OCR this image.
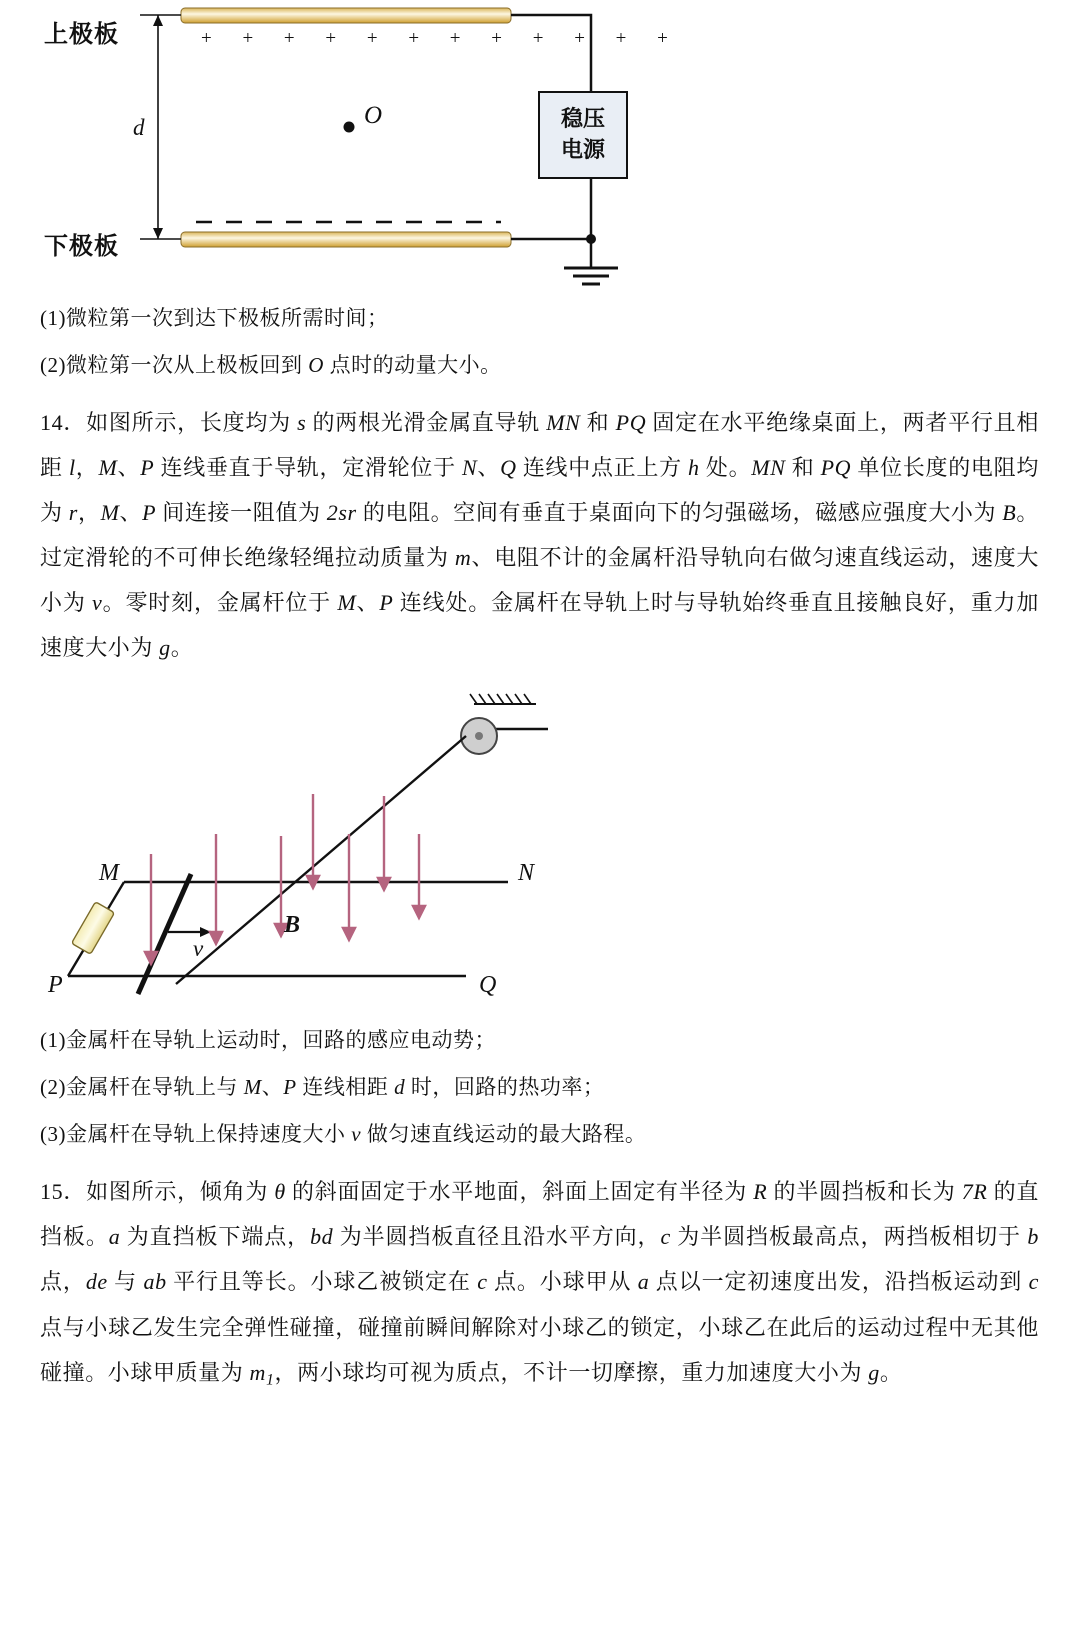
上极板
下极板
d
+ + + + + + + + + + + +
O	稳压
电源
(1)微粒第一次到达下极板所需时间；
(2)微粒第一次从上极板回到 O 点时的动量大小。
14．如图所示，长度均为 s 的两根光滑金属直导轨 MN 和 PQ 固定在水平绝缘桌面上，两者平行且相距 l，M、P 连线垂直于导轨，定滑轮位于 N、Q 连线中点正上方 h 处。MN 和 PQ 单位长度的电阻均为 r，M、P 间连接一阻值为 2sr 的电阻。空间有垂直于桌面向下的匀强磁场，磁感应强度大小为 B。过定滑轮的不可伸长绝缘轻绳拉动质量为 m、电阻不计的金属杆沿导轨向右做匀速直线运动，速度大小为 v。零时刻，金属杆位于 M、P 连线处。金属杆在导轨上时与导轨始终垂直且接触良好，重力加速度大小为 g。
M	N
P	Q
B
v
(1)金属杆在导轨上运动时，回路的感应电动势；
(2)金属杆在导轨上与 M、P 连线相距 d 时，回路的热功率；
(3)金属杆在导轨上保持速度大小 v 做匀速直线运动的最大路程。
15．如图所示，倾角为 θ 的斜面固定于水平地面，斜面上固定有半径为 R 的半圆挡板和长为 7R 的直挡板。a 为直挡板下端点，bd 为半圆挡板直径且沿水平方向，c 为半圆挡板最高点，两挡板相切于 b 点，de 与 ab 平行且等长。小球乙被锁定在 c 点。小球甲从 a 点以一定初速度出发，沿挡板运动到 c 点与小球乙发生完全弹性碰撞，碰撞前瞬间解除对小球乙的锁定，小球乙在此后的运动过程中无其他碰撞。小球甲质量为 $m_1$，两小球均可视为质点，不计一切摩擦，重力加速度大小为 g。
